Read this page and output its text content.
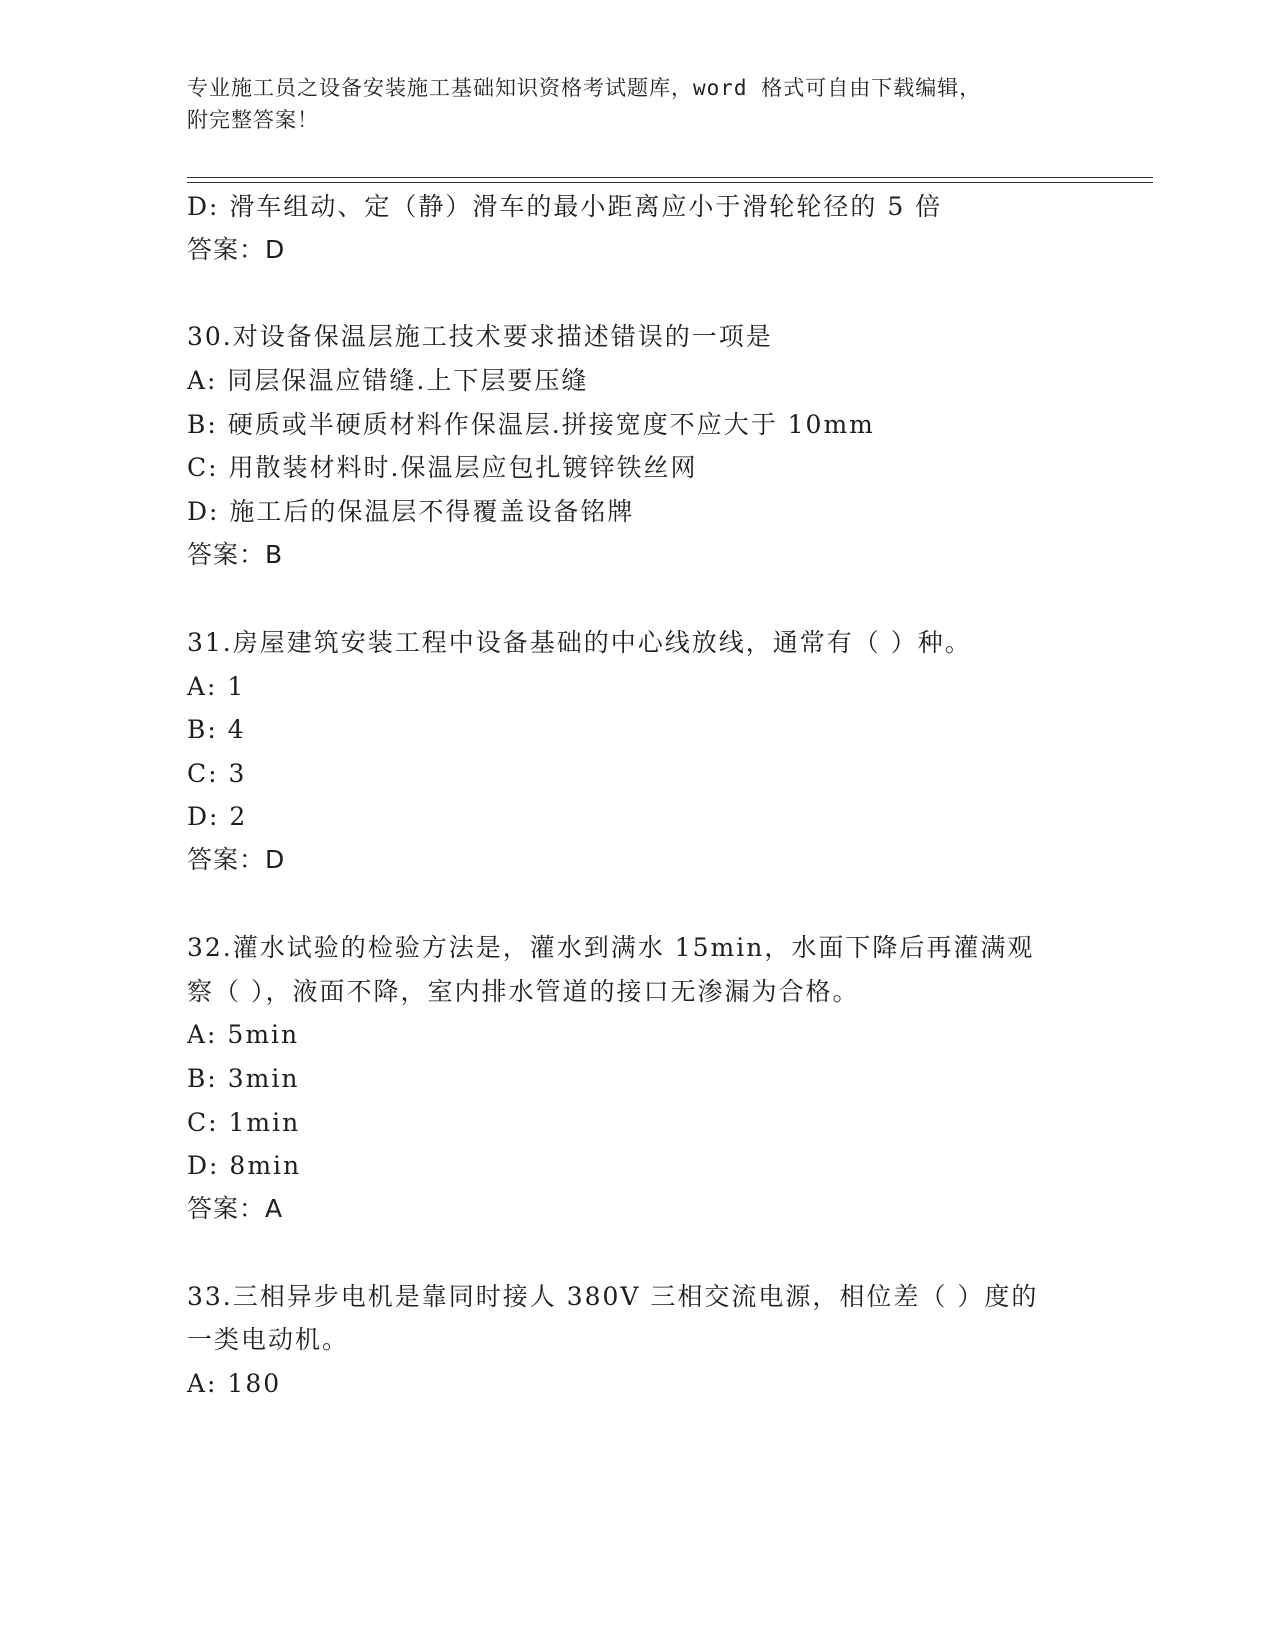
专业施工员之设备安装施工基础知识资格考试题库，word 格式可自由下载编辑，
附完整答案！
D: 滑车组动、定（静）滑车的最小距离应小于滑轮轮径的 5 倍
答案：D
30.对设备保温层施工技术要求描述错误的一项是
A: 同层保温应错缝.上下层要压缝
B: 硬质或半硬质材料作保温层.拼接宽度不应大于 10mm
C: 用散装材料时.保温层应包扎镀锌铁丝网
D: 施工后的保温层不得覆盖设备铭牌
答案：B
31.房屋建筑安装工程中设备基础的中心线放线，通常有（ ）种。
A: 1
B: 4
C: 3
D: 2
答案：D
32.灌水试验的检验方法是，灌水到满水 15min，水面下降后再灌满观
察（ ），液面不降，室内排水管道的接口无渗漏为合格。
A: 5min
B: 3min
C: 1min
D: 8min
答案：A
33.三相异步电机是靠同时接人 380V 三相交流电源，相位差（ ）度的
一类电动机。
A: 180
